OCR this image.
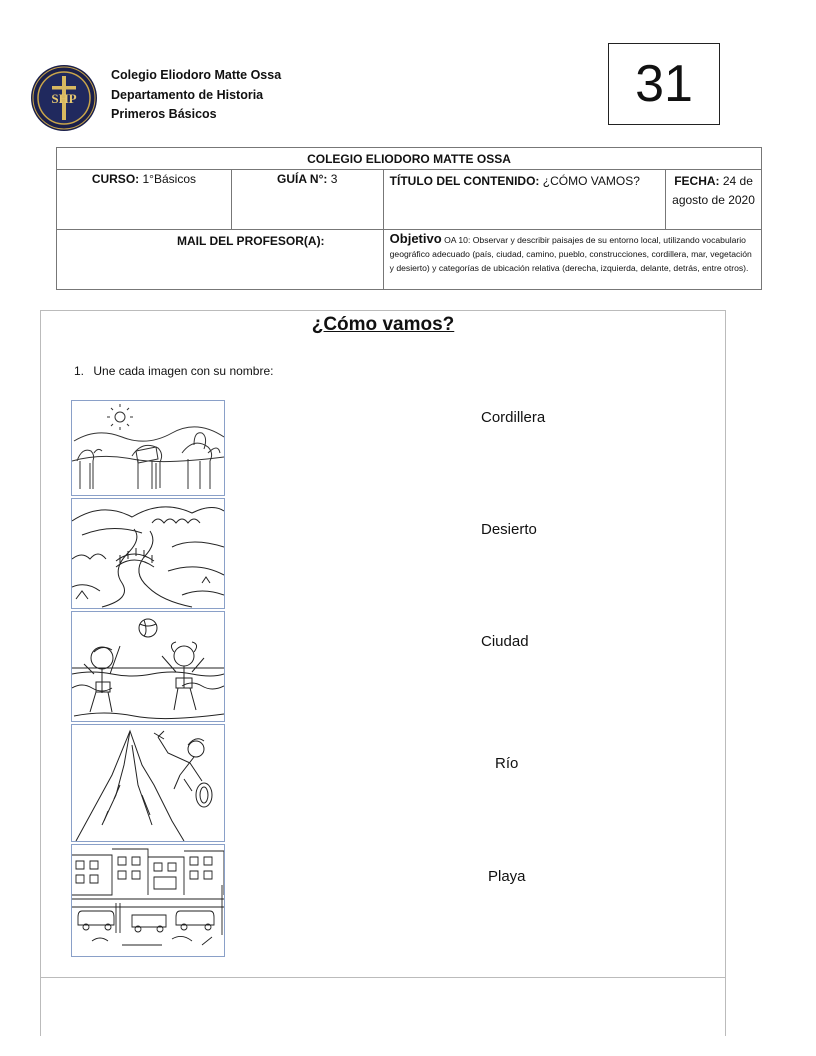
SHP
Colegio Eliodoro Matte Ossa
Departamento de Historia
Primeros Básicos
31
COLEGIO ELIODORO MATTE OSSA			
CURSO: 1°Básicos	GUÍA N°: 3	TÍTULO DEL CONTENIDO: ¿CÓMO VAMOS?	FECHA: 24 de agosto de 2020
MAIL DEL PROFESOR(A):		Objetivo OA 10: Observar y describir paisajes de su entorno local, utilizando vocabulario geográfico adecuado (país, ciudad, camino, pueblo, construcciones, cordillera, mar, vegetación y desierto) y categorías de ubicación relativa (derecha, izquierda, delante, detrás, entre otros).	
¿Cómo vamos?
1. Une cada imagen con su nombre:
Cordillera
Desierto
Ciudad
Río
Playa
